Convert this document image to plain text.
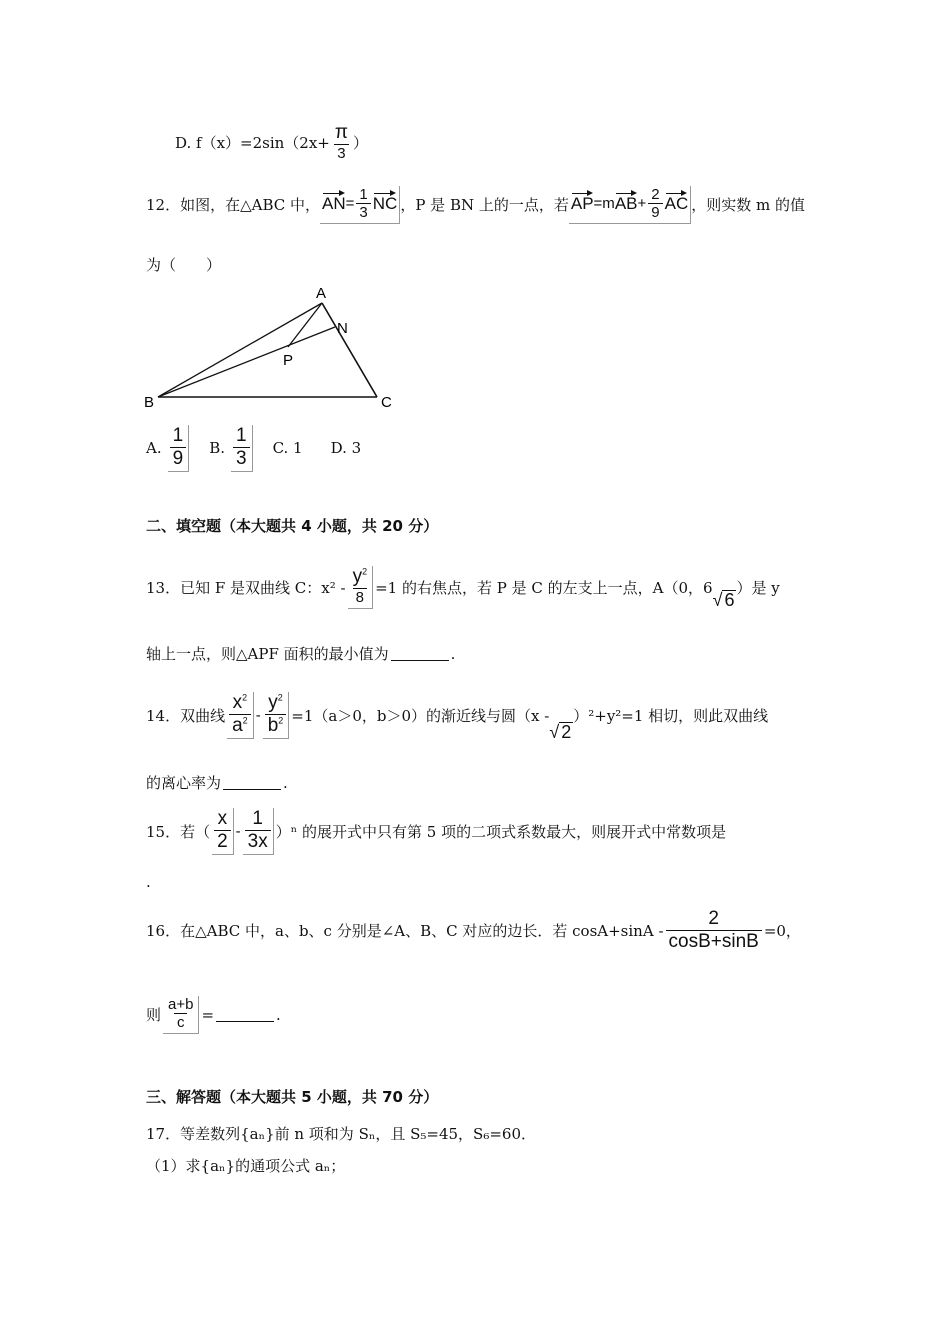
D. $f(x)=2\sin(2x+ \frac{\pi}{3}$ ）
12．如图，在△ABC 中， AN = $\frac{1}{3}$ NC ，P 是 BN 上的一点，若 AP =m AB + $\frac{2}{9}$ AC ，则实数 m 的值
为（　　）
A
N
P
B	C
A. $\frac{1}{9} B$. $\frac{1}{3} C$. 1 D. 3
二、填空题（本大题共 4 小题，共 20 分）
13．已知 F 是双曲线 C：$x^2 - \frac{y^2}{8} =1$ 的右焦点，若 P 是 C 的左支上一点，A（0，6
√ 6
）是 y
轴上一点，则△APF 面积的最小值为	.
14．双曲线 $\frac{x^2}{a^2} - \frac{y^2}{b^2} =1(a>0$，b＞0）的渐近线与圆（x -
√ 2
）²+y²=1 相切，则此双曲线
的离心率为	.
15．若（ $\frac{x}{2} - \frac{1}{3x} )^n$ 的展开式中只有第 5 项的二项式系数最大，则展开式中常数项是
.
16．在△ABC 中，a、b、c 分别是∠A、B、C 对应的边长．若 $\cos A+\sin A - \frac{2}{\cos B+\sin B} =0$，
则 $\frac{a+b}{c}$ =	.
三、解答题（本大题共 5 小题，共 70 分）
17．等差数列{aₙ}前 n 项和为 Sₙ，且 S₅=45，S₆=60．
（1）求{aₙ}的通项公式 aₙ；
